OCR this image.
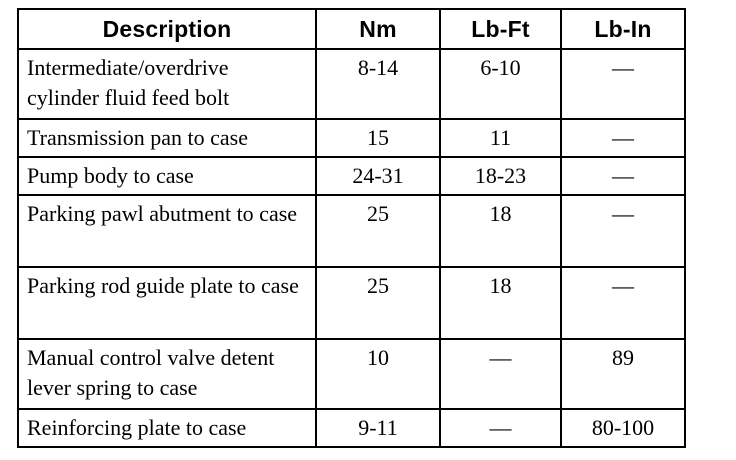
Description	Nm	Lb-Ft	Lb-In

Intermediate/overdrive cylinder fluid feed bolt	8-14	6-10	—

Transmission pan to case	15	11	—

Pump body to case	24-31	18-23	—

Parking pawl abutment to case	25	18	—

Parking rod guide plate to case	25	18	—

Manual control valve detent lever spring to case	10	—	89

Reinforcing plate to case	9-11	—	80-100
